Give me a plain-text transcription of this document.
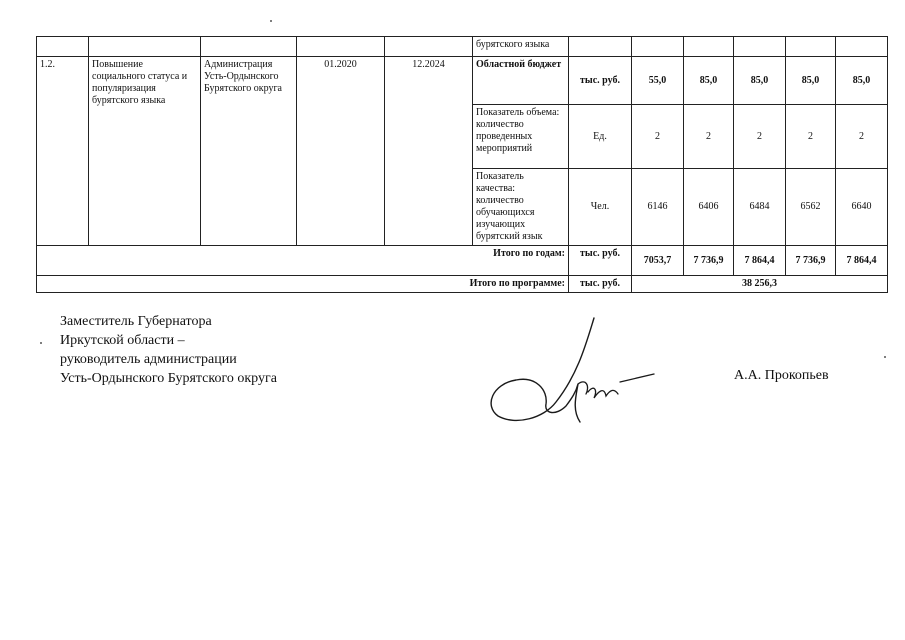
					бурятского языка						
1.2.	Повышение социального статуса и популяризация бурятского языка	Администрация Усть-Ордынского Бурятского округа	01.2020	12.2024	Областной бюджет	тыс. руб.	55,0	85,0	85,0	85,0	85,0
					Показатель объема: количество проведенных мероприятий	Ед.	2	2	2	2	2
					Показатель качества: количество обучающихся изучающих бурятский язык	Чел.	6146	6406	6484	6562	6640
Итого по годам:						тыс. руб.	7053,7	7 736,9	7 864,4	7 736,9	7 864,4
Итого по программе:						тыс. руб.	38 256,3				
Заместитель Губернатора
Иркутской области –
руководитель администрации
Усть-Ордынского Бурятского округа	А.А. Прокопьев
